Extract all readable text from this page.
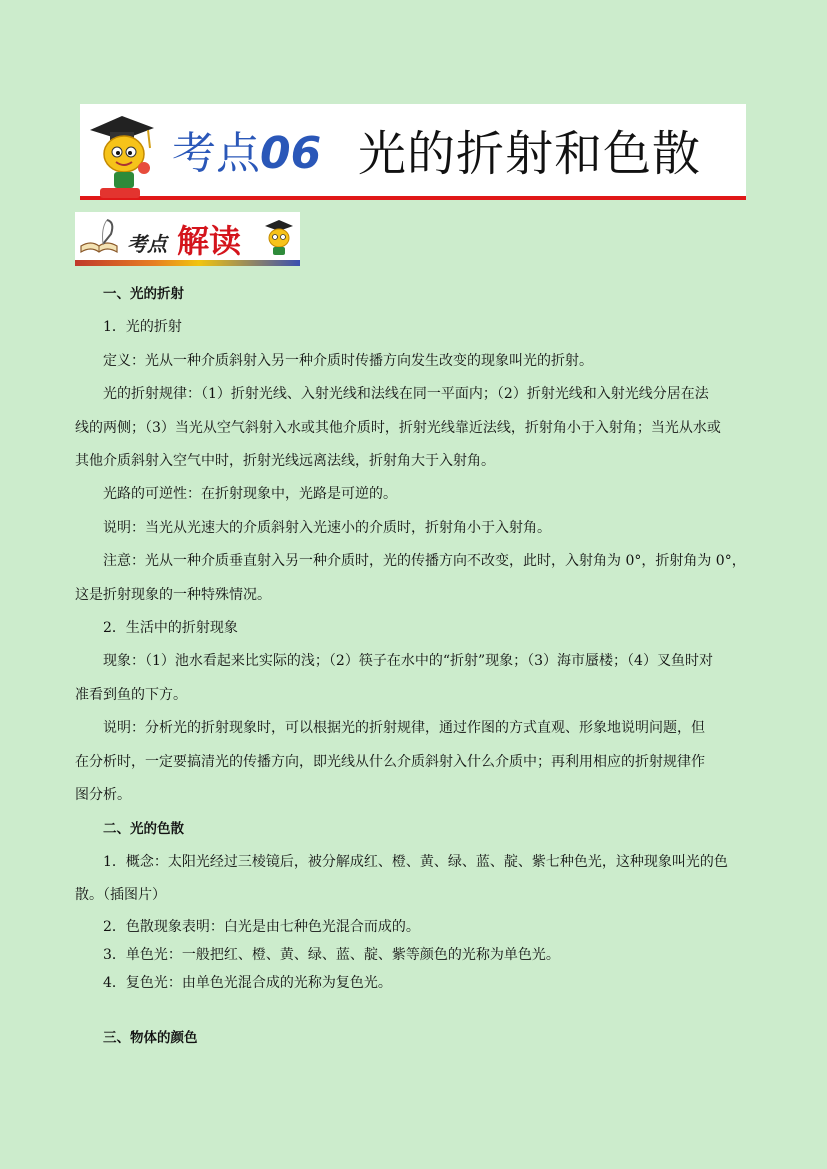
考点06 光的折射和色散
考点 解读

一、光的折射

1．光的折射

定义：光从一种介质斜射入另一种介质时传播方向发生改变的现象叫光的折射。

光的折射规律：（1）折射光线、入射光线和法线在同一平面内；（2）折射光线和入射光线分居在法

线的两侧；（3）当光从空气斜射入水或其他介质时，折射光线靠近法线，折射角小于入射角；当光从水或

其他介质斜射入空气中时，折射光线远离法线，折射角大于入射角。

光路的可逆性：在折射现象中，光路是可逆的。

说明：当光从光速大的介质斜射入光速小的介质时，折射角小于入射角。

注意：光从一种介质垂直射入另一种介质时，光的传播方向不改变，此时，入射角为 0°，折射角为 0°，

这是折射现象的一种特殊情况。

2．生活中的折射现象

现象：（1）池水看起来比实际的浅；（2）筷子在水中的“折射”现象；（3）海市蜃楼；（4）叉鱼时对

准看到鱼的下方。

说明：分析光的折射现象时，可以根据光的折射规律，通过作图的方式直观、形象地说明问题，但

在分析时，一定要搞清光的传播方向，即光线从什么介质斜射入什么介质中；再利用相应的折射规律作

图分析。

二、光的色散

1．概念：太阳光经过三棱镜后，被分解成红、橙、黄、绿、蓝、靛、紫七种色光，这种现象叫光的色

散。（插图片）

2．色散现象表明：白光是由七种色光混合而成的。

3．单色光：一般把红、橙、黄、绿、蓝、靛、紫等颜色的光称为单色光。

4．复色光：由单色光混合成的光称为复色光。

三、物体的颜色
